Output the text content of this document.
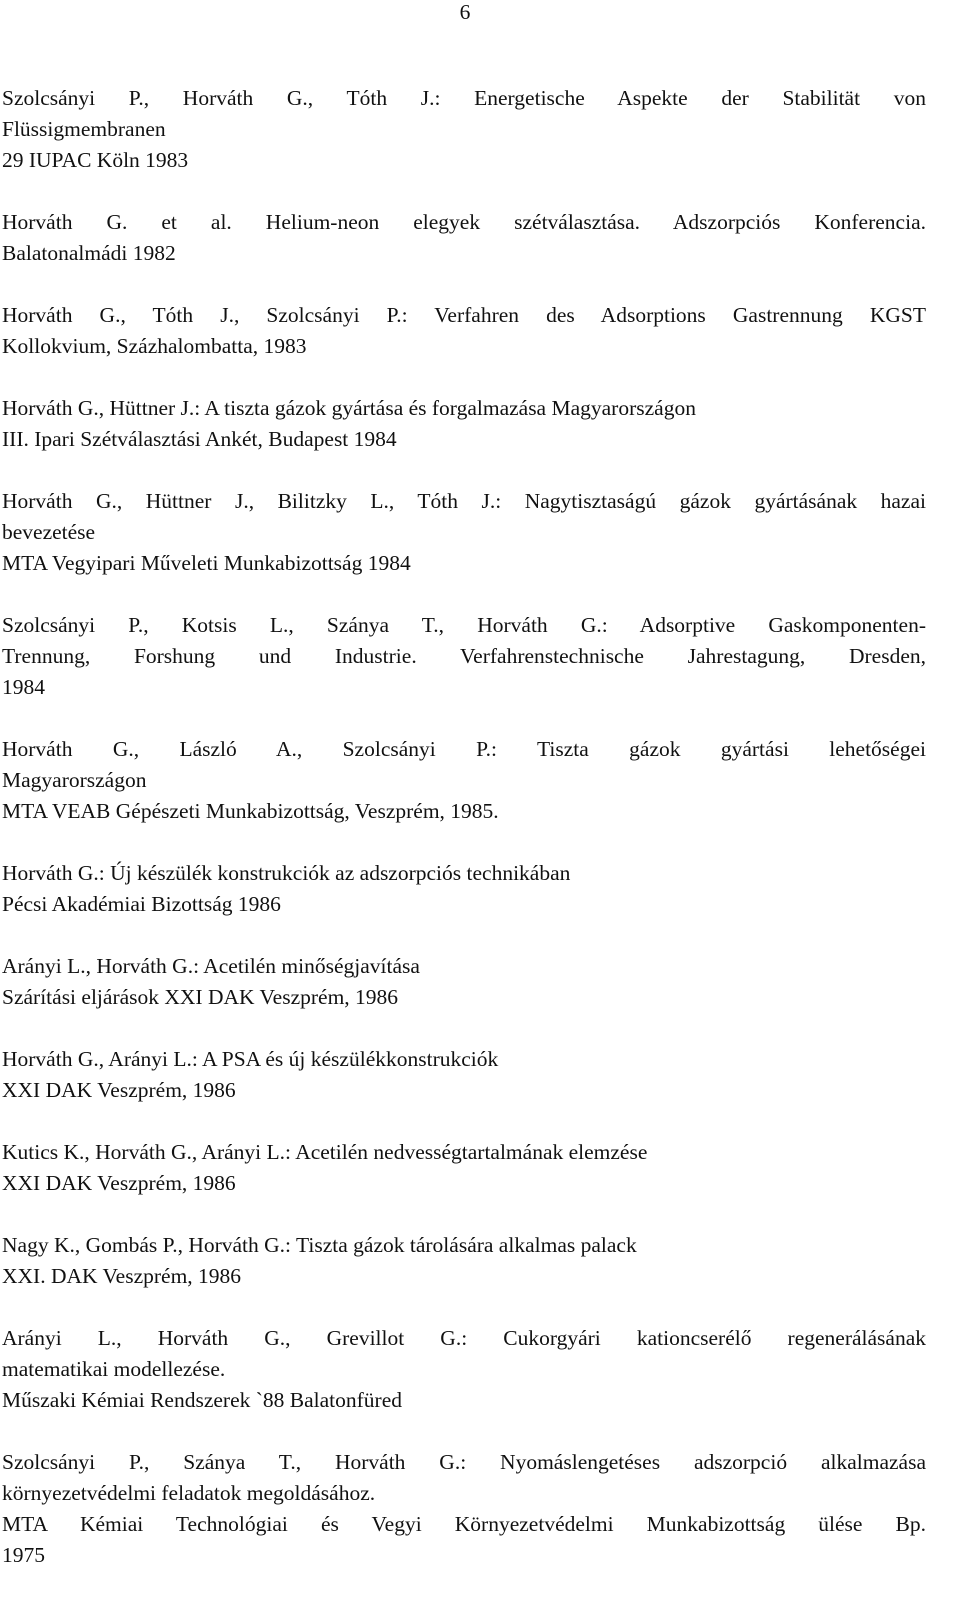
6
Szolcsányi P., Horváth G., Tóth J.: Energetische Aspekte der Stabilität von
Flüssigmembranen
29 IUPAC Köln 1983
Horváth G. et al. Helium-neon elegyek szétválasztása. Adszorpciós Konferencia.
Balatonalmádi 1982
Horváth G., Tóth J., Szolcsányi P.: Verfahren des Adsorptions Gastrennung KGST
Kollokvium, Százhalombatta, 1983
Horváth G., Hüttner J.: A tiszta gázok gyártása és forgalmazása Magyarországon
III. Ipari Szétválasztási Ankét, Budapest 1984
Horváth G., Hüttner J., Bilitzky L., Tóth J.: Nagytisztaságú gázok gyártásának hazai
bevezetése
MTA Vegyipari Műveleti Munkabizottság 1984
Szolcsányi P., Kotsis L., Szánya T., Horváth G.: Adsorptive Gaskomponenten-
Trennung, Forshung und Industrie. Verfahrenstechnische Jahrestagung, Dresden,
1984
Horváth G., László A., Szolcsányi P.: Tiszta gázok gyártási lehetőségei
Magyarországon
MTA VEAB Gépészeti Munkabizottság, Veszprém, 1985.
Horváth G.: Új készülék konstrukciók az adszorpciós technikában
Pécsi Akadémiai Bizottság 1986
Arányi L., Horváth G.: Acetilén minőségjavítása
Szárítási eljárások XXI DAK Veszprém, 1986
Horváth G., Arányi L.: A PSA és új készülékkonstrukciók
XXI DAK Veszprém, 1986
Kutics K., Horváth G., Arányi L.: Acetilén nedvességtartalmának elemzése
XXI DAK Veszprém, 1986
Nagy K., Gombás P., Horváth G.: Tiszta gázok tárolására alkalmas palack
XXI. DAK Veszprém, 1986
Arányi L., Horváth G., Grevillot G.: Cukorgyári kationcserélő regenerálásának
matematikai modellezése.
Műszaki Kémiai Rendszerek `88 Balatonfüred
Szolcsányi P., Szánya T., Horváth G.: Nyomáslengetéses adszorpció alkalmazása
környezetvédelmi feladatok megoldásához.
MTA Kémiai Technológiai és Vegyi Környezetvédelmi Munkabizottság ülése Bp.
1975
